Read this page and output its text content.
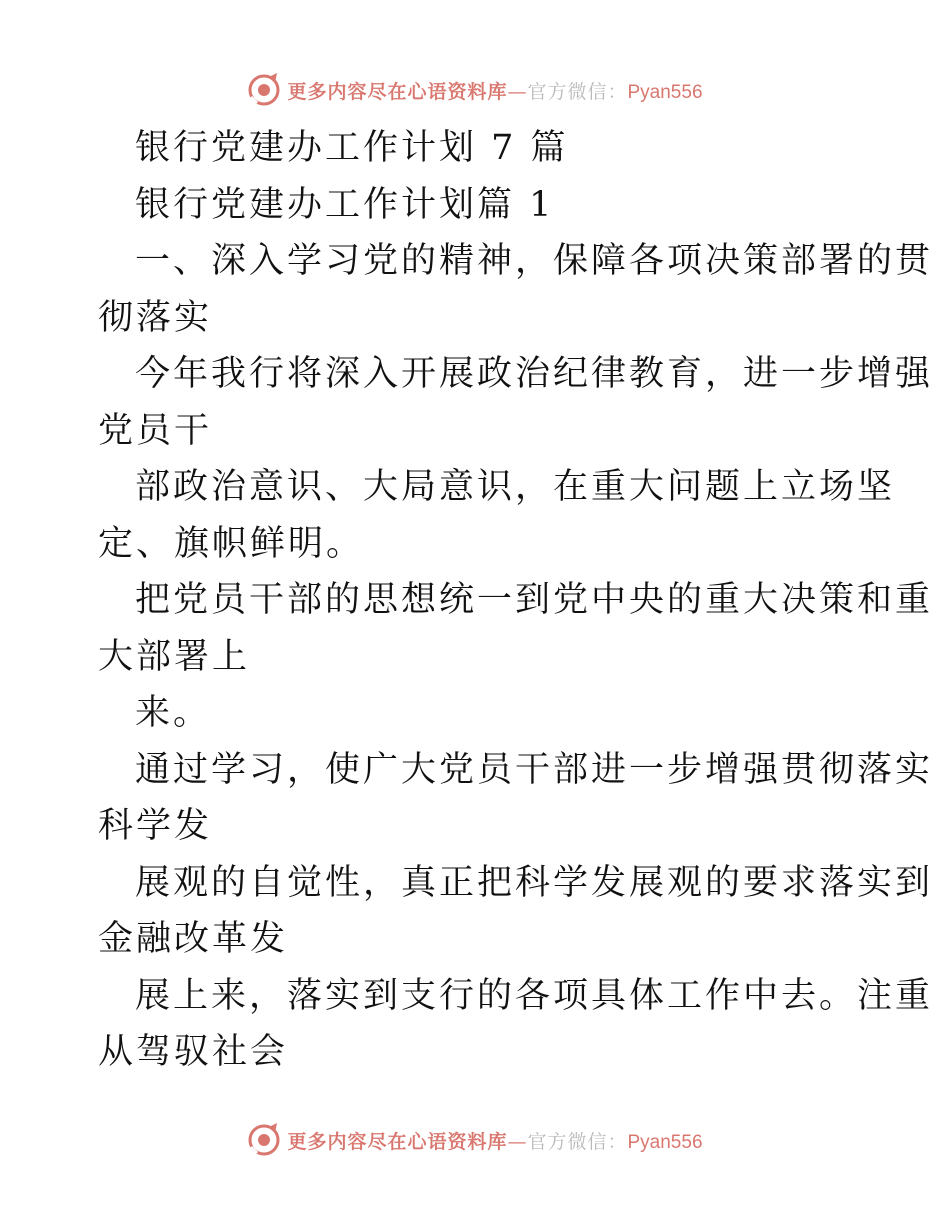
更多内容尽在心语资料库—官方微信：Pyan556
银行党建办工作计划 7 篇
银行党建办工作计划篇 1
一、深入学习党的精神，保障各项决策部署的贯
彻落实
今年我行将深入开展政治纪律教育，进一步增强
党员干
部政治意识、大局意识，在重大问题上立场坚
定、旗帜鲜明。
把党员干部的思想统一到党中央的重大决策和重
大部署上
来。
通过学习，使广大党员干部进一步增强贯彻落实
科学发
展观的自觉性，真正把科学发展观的要求落实到
金融改革发
展上来，落实到支行的各项具体工作中去。注重
从驾驭社会
更多内容尽在心语资料库—官方微信：Pyan556
